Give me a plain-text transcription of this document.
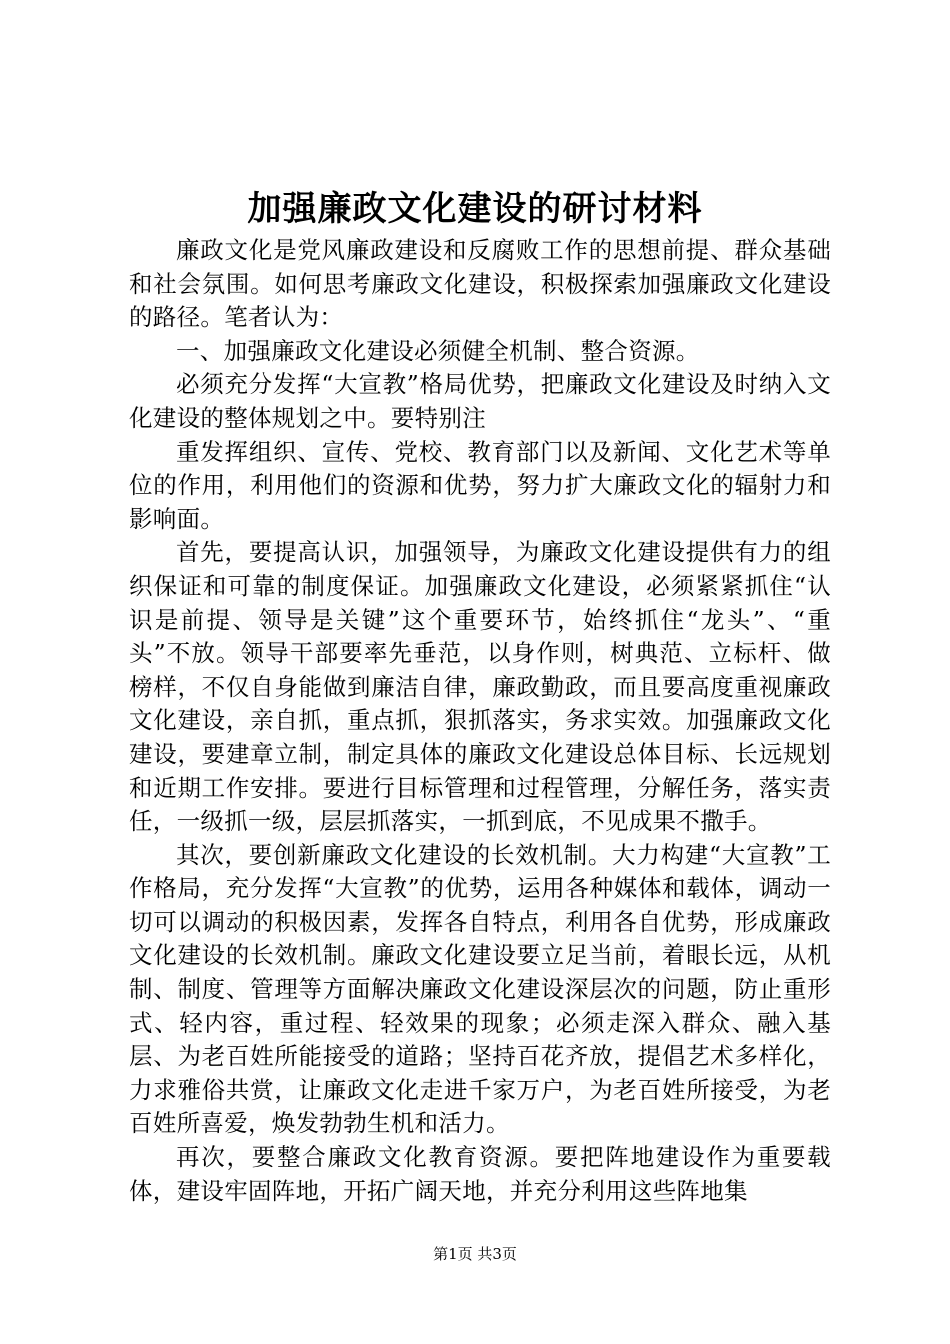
加强廉政文化建设的研讨材料

廉政文化是党风廉政建设和反腐败工作的思想前提、群众基础和社会氛围。如何思考廉政文化建设，积极探索加强廉政文化建设的路径。笔者认为：

一、加强廉政文化建设必须健全机制、整合资源。

必须充分发挥“大宣教”格局优势，把廉政文化建设及时纳入文化建设的整体规划之中。要特别注

重发挥组织、宣传、党校、教育部门以及新闻、文化艺术等单位的作用，利用他们的资源和优势，努力扩大廉政文化的辐射力和影响面。

首先，要提高认识，加强领导，为廉政文化建设提供有力的组织保证和可靠的制度保证。加强廉政文化建设，必须紧紧抓住“认识是前提、领导是关键”这个重要环节，始终抓住“龙头”、“重头”不放。领导干部要率先垂范，以身作则，树典范、立标杆、做榜样，不仅自身能做到廉洁自律，廉政勤政，而且要高度重视廉政文化建设，亲自抓，重点抓，狠抓落实，务求实效。加强廉政文化建设，要建章立制，制定具体的廉政文化建设总体目标、长远规划和近期工作安排。要进行目标管理和过程管理，分解任务，落实责任，一级抓一级，层层抓落实，一抓到底，不见成果不撒手。

其次，要创新廉政文化建设的长效机制。大力构建“大宣教”工作格局，充分发挥“大宣教”的优势，运用各种媒体和载体，调动一切可以调动的积极因素，发挥各自特点，利用各自优势，形成廉政文化建设的长效机制。廉政文化建设要立足当前，着眼长远，从机制、制度、管理等方面解决廉政文化建设深层次的问题，防止重形式、轻内容，重过程、轻效果的现象；必须走深入群众、融入基层、为老百姓所能接受的道路；坚持百花齐放，提倡艺术多样化，力求雅俗共赏，让廉政文化走进千家万户，为老百姓所接受，为老百姓所喜爱，焕发勃勃生机和活力。

再次，要整合廉政文化教育资源。要把阵地建设作为重要载体，建设牢固阵地，开拓广阔天地，并充分利用这些阵地集

第1页 共3页
